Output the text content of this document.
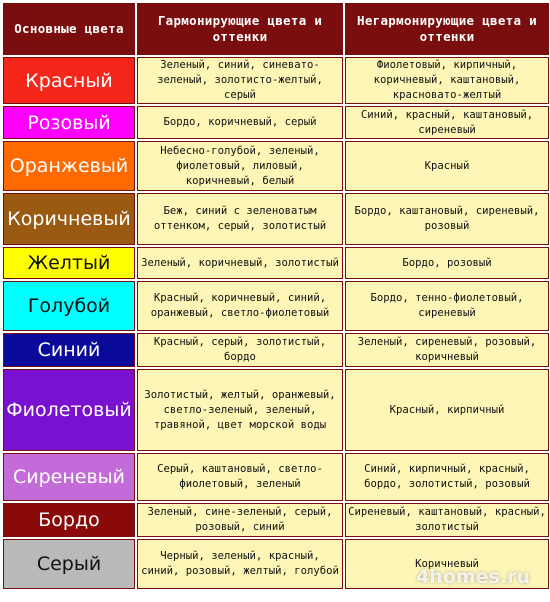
Основные цвета	Гармонирующие цвета и оттенки	Негармонирующие цвета и оттенки
Красный	Зеленый, синий, синевато-зеленый, золотисто-желтый, серый	Фиолетовый, кирпичный, коричневый, каштановый, красновато-желтый
Розовый	Бордо, коричневый, серый	Синий, красный, каштановый, сиреневый
Оранжевый	Небесно-голубой, зеленый, фиолетовый, лиловый, коричневый, белый	Красный
Коричневый	Беж, синий с зеленоватым оттенком, серый, золотистый	Бордо, каштановый, сиреневый, розовый
Желтый	Зеленый, коричневый, золотистый	Бордо, розовый
Голубой	Красный, коричневый, синий, оранжевый, светло-фиолетовый	Бордо, тенно-фиолетовый, сиреневый
Синий	Красный, серый, золотистый, бордо	Зеленый, сиреневый, розовый, коричневый
Фиолетовый	Золотистый, желтый, оранжевый, светло-зеленый, зеленый, травяной, цвет морской воды	Красный, кирпичный
Сиреневый	Серый, каштановый, светло-фиолетовый, зеленый	Синий, кирпичный, красный, бордо, золотистый, розовый
Бордо	Зеленый, сине-зеленый, серый, розовый, синий	Сиреневый, каштановый, красный, золотистый
Серый	Черный, зеленый, красный, синий, розовый, желтый, голубой	Коричневый
4homes.ru
